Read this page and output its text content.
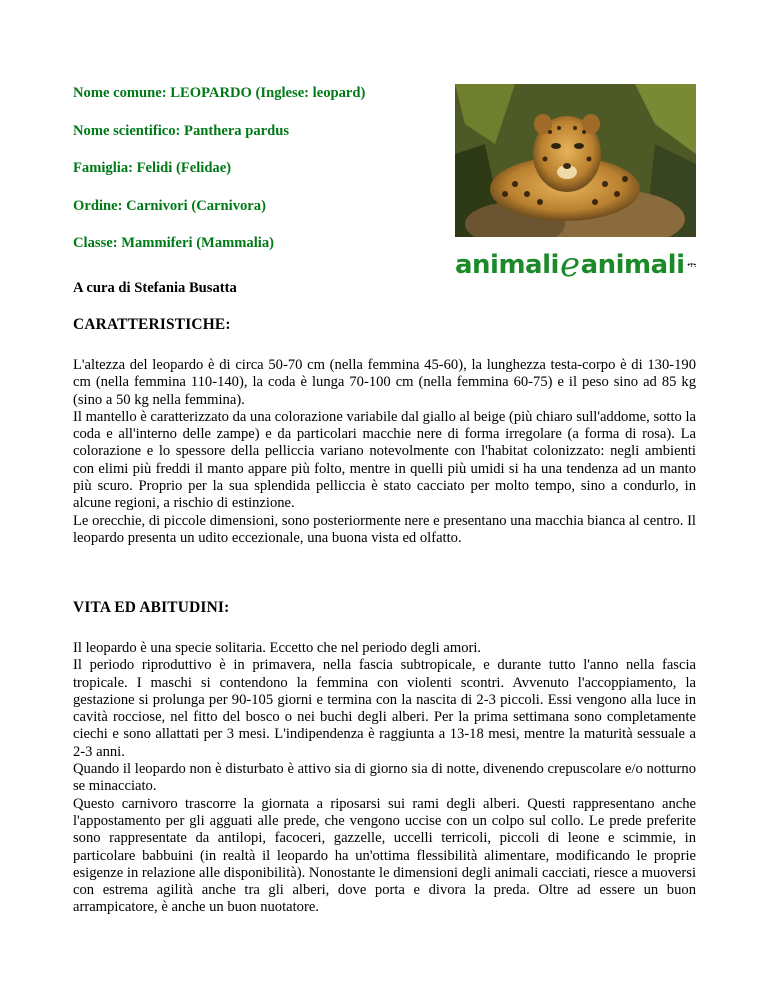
Nome comune: LEOPARDO (Inglese: leopard)

Nome scientifico: Panthera pardus

Famiglia: Felidi (Felidae)

Ordine: Carnivori (Carnivora)

Classe: Mammiferi (Mammalia)

animali e animali
A cura di Stefania Busatta
CARATTERISTICHE:

L'altezza del leopardo è di circa 50-70 cm (nella femmina 45-60), la lunghezza testa-corpo è di 130-190 cm (nella femmina 110-140), la coda è lunga 70-100 cm (nella femmina 60-75) e il peso sino ad 85 kg (sino a 50 kg nella femmina).

Il mantello è caratterizzato da una colorazione variabile dal giallo al beige (più chiaro sull'addome, sotto la coda e all'interno delle zampe) e da particolari macchie nere di forma irregolare (a forma di rosa). La colorazione e lo spessore della pelliccia variano notevolmente con l'habitat colonizzato: negli ambienti con elimi più freddi il manto appare più folto, mentre in quelli più umidi si ha una tendenza ad un manto più scuro. Proprio per la sua splendida pelliccia è stato cacciato per molto tempo, sino a condurlo, in alcune regioni, a rischio di estinzione.

Le orecchie, di piccole dimensioni, sono posteriormente nere e presentano una macchia bianca al centro. Il leopardo presenta un udito eccezionale, una buona vista ed olfatto.

VITA ED ABITUDINI:

Il leopardo è una specie solitaria. Eccetto che nel periodo degli amori.

Il periodo riproduttivo è in primavera, nella fascia subtropicale, e durante tutto l'anno nella fascia tropicale. I maschi si contendono la femmina con violenti scontri. Avvenuto l'accoppiamento, la gestazione si prolunga per 90-105 giorni e termina con la nascita di 2-3 piccoli. Essi vengono alla luce in cavità rocciose, nel fitto del bosco o nei buchi degli alberi. Per la prima settimana sono completamente ciechi e sono allattati per 3 mesi. L'indipendenza è raggiunta a 13-18 mesi, mentre la maturità sessuale a 2-3 anni.

Quando il leopardo non è disturbato è attivo sia di giorno sia di notte, divenendo crepuscolare e/o notturno se minacciato.

Questo carnivoro trascorre la giornata a riposarsi sui rami degli alberi. Questi rappresentano anche l'appostamento per gli agguati alle prede, che vengono uccise con un colpo sul collo. Le prede preferite sono rappresentate da antilopi, facoceri, gazzelle, uccelli terricoli, piccoli di leone e scimmie, in particolare babbuini (in realtà il leopardo ha un'ottima flessibilità alimentare, modificando le proprie esigenze in relazione alle disponibilità). Nonostante le dimensioni degli animali cacciati, riesce a muoversi con estrema agilità anche tra gli alberi, dove porta e divora la preda. Oltre ad essere un buon arrampicatore, è anche un buon nuotatore.
